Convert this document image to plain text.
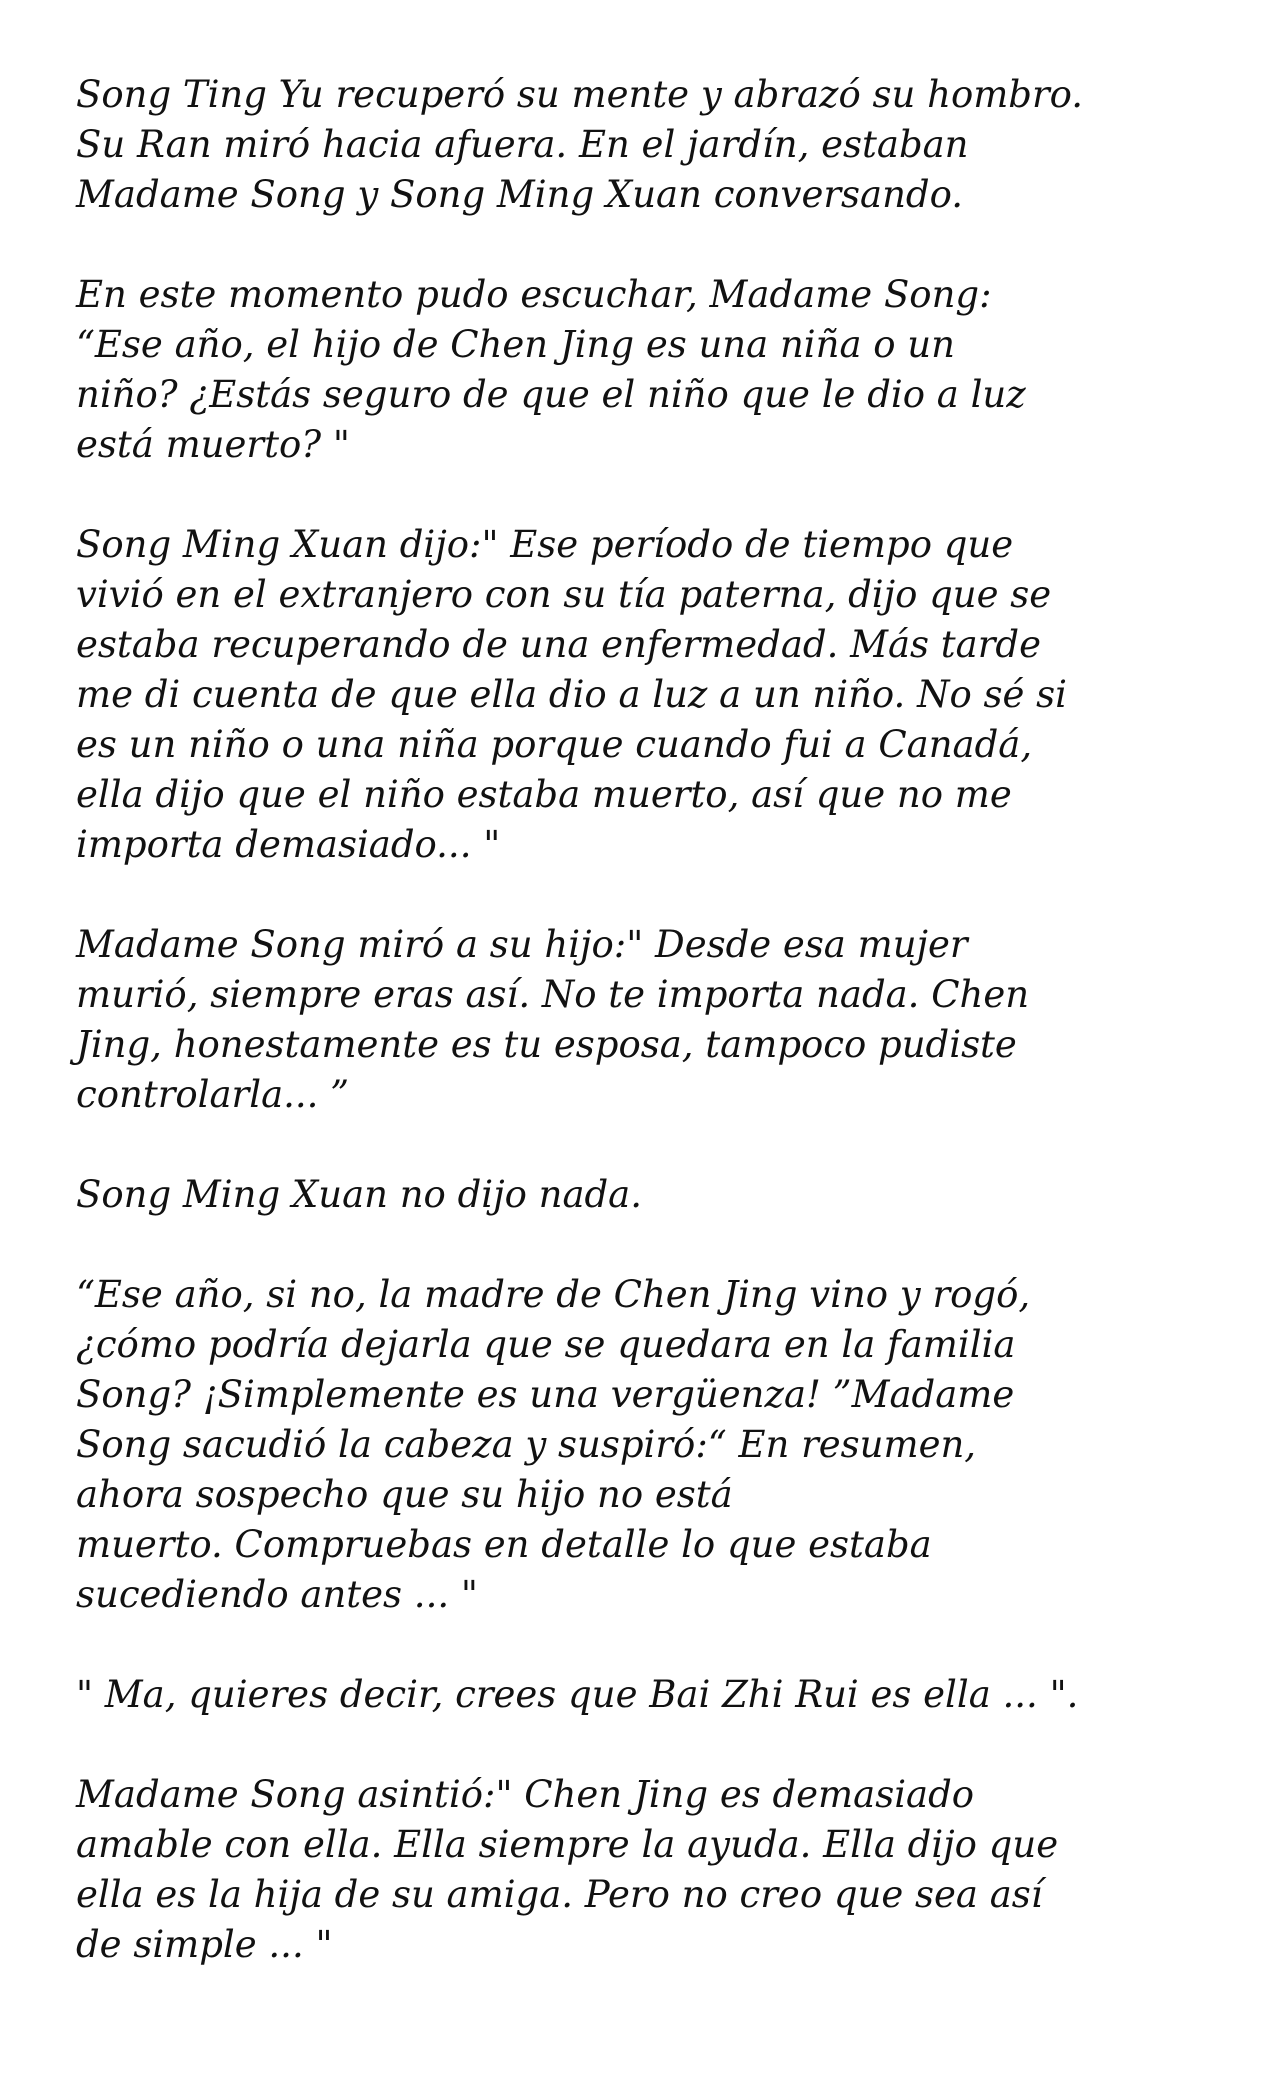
Song Ting Yu recuperó su mente y abrazó su hombro.
Su Ran miró hacia afuera. En el jardín, estaban
Madame Song y Song Ming Xuan conversando.

En este momento pudo escuchar, Madame Song:
“Ese año, el hijo de Chen Jing es una niña o un
niño? ¿Estás seguro de que el niño que le dio a luz
está muerto? "

Song Ming Xuan dijo:" Ese período de tiempo que
vivió en el extranjero con su tía paterna, dijo que se
estaba recuperando de una enfermedad. Más tarde
me di cuenta de que ella dio a luz a un niño. No sé si
es un niño o una niña porque cuando fui a Canadá,
ella dijo que el niño estaba muerto, así que no me
importa demasiado... "

Madame Song miró a su hijo:" Desde esa mujer
murió, siempre eras así. No te importa nada. Chen
Jing, honestamente es tu esposa, tampoco pudiste
controlarla... ”

Song Ming Xuan no dijo nada.

“Ese año, si no, la madre de Chen Jing vino y rogó,
¿cómo podría dejarla que se quedara en la familia
Song? ¡Simplemente es una vergüenza! ”Madame
Song sacudió la cabeza y suspiró:“ En resumen,
ahora sospecho que su hijo no está
muerto. Compruebas en detalle lo que estaba
sucediendo antes ... "

" Ma, quieres decir, crees que Bai Zhi Rui es ella ... ".

Madame Song asintió:" Chen Jing es demasiado
amable con ella. Ella siempre la ayuda. Ella dijo que
ella es la hija de su amiga. Pero no creo que sea así
de simple ... "
